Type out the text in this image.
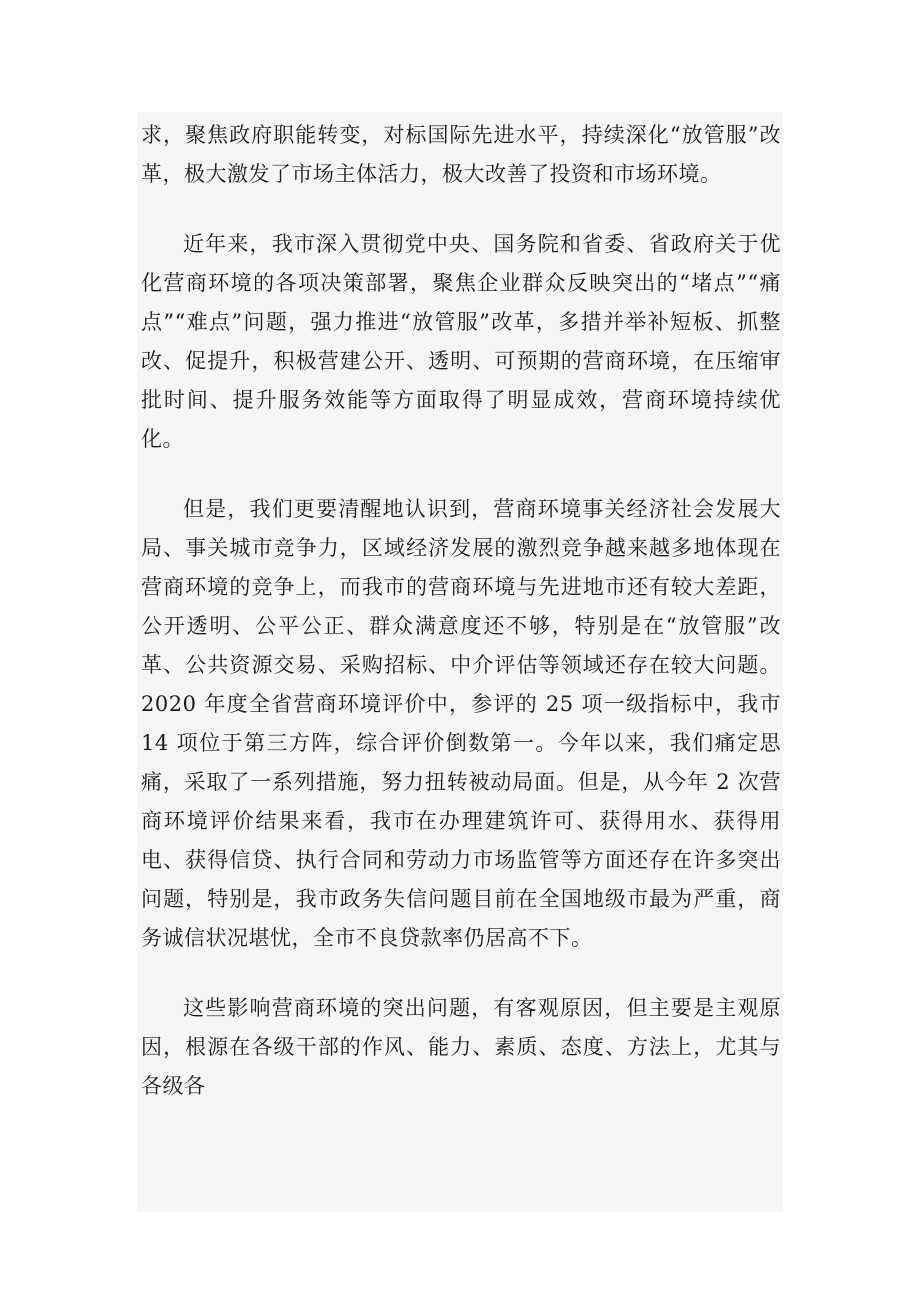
求，聚焦政府职能转变，对标国际先进水平，持续深化“放管服”改革，极大激发了市场主体活力，极大改善了投资和市场环境。

近年来，我市深入贯彻党中央、国务院和省委、省政府关于优化营商环境的各项决策部署，聚焦企业群众反映突出的“堵点”“痛点”“难点”问题，强力推进“放管服”改革，多措并举补短板、抓整改、促提升，积极营建公开、透明、可预期的营商环境，在压缩审批时间、提升服务效能等方面取得了明显成效，营商环境持续优化。

但是，我们更要清醒地认识到，营商环境事关经济社会发展大局、事关城市竞争力，区域经济发展的激烈竞争越来越多地体现在营商环境的竞争上，而我市的营商环境与先进地市还有较大差距，公开透明、公平公正、群众满意度还不够，特别是在“放管服”改革、公共资源交易、采购招标、中介评估等领域还存在较大问题。2020 年度全省营商环境评价中，参评的 25 项一级指标中，我市 14 项位于第三方阵，综合评价倒数第一。今年以来，我们痛定思痛，采取了一系列措施，努力扭转被动局面。但是，从今年 2 次营商环境评价结果来看，我市在办理建筑许可、获得用水、获得用电、获得信贷、执行合同和劳动力市场监管等方面还存在许多突出问题，特别是，我市政务失信问题目前在全国地级市最为严重，商务诚信状况堪忧，全市不良贷款率仍居高不下。

这些影响营商环境的突出问题，有客观原因，但主要是主观原因，根源在各级干部的作风、能力、素质、态度、方法上，尤其与各级各
